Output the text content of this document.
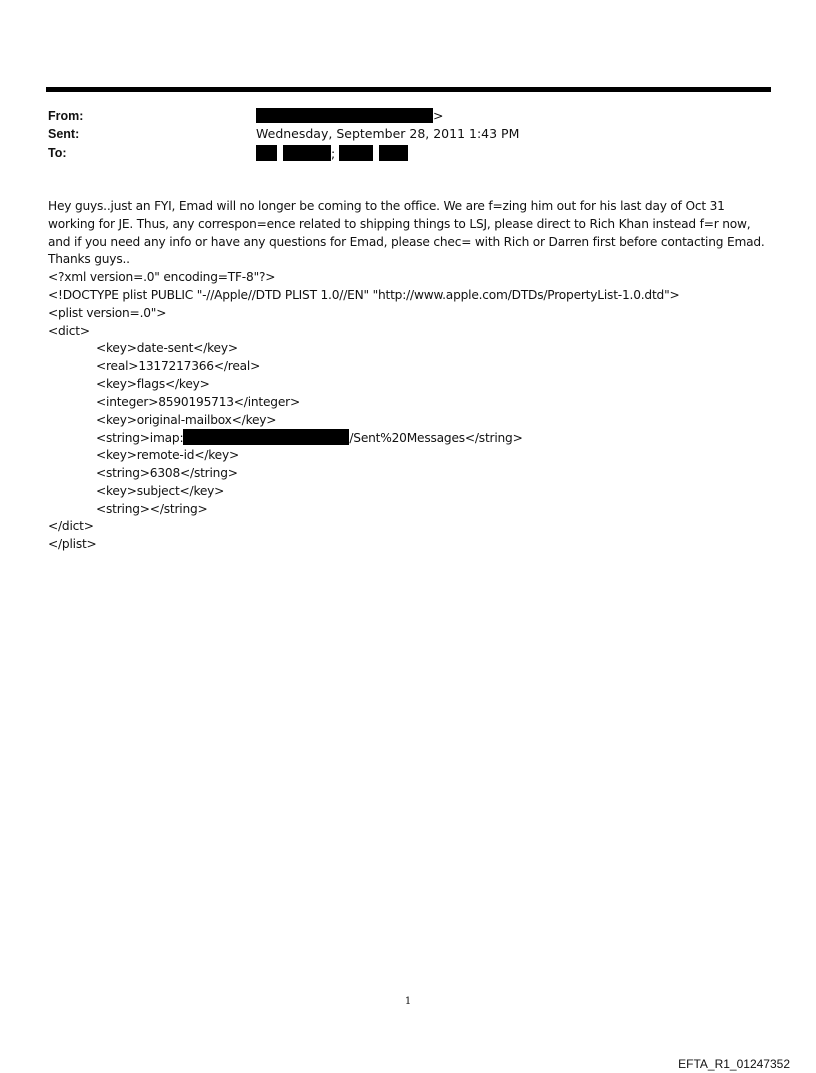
From:	>
Sent:	Wednesday, September 28, 2011 1:43 PM
To:	;
Hey guys..just an FYI, Emad will no longer be coming to the office. We are f=zing him out for his last day of Oct 31
working for JE. Thus, any correspon=ence related to shipping things to LSJ, please direct to Rich Khan instead f=r now,
and if you need any info or have any questions for Emad, please chec= with Rich or Darren first before contacting Emad.
Thanks guys..
<?xml version=.0" encoding=TF-8"?>
<!DOCTYPE plist PUBLIC "-//Apple//DTD PLIST 1.0//EN" "http://www.apple.com/DTDs/PropertyList-1.0.dtd">
<plist version=.0">
<dict>
<key>date-sent</key>
<real>1317217366</real>
<key>flags</key>
<integer>8590195713</integer>
<key>original-mailbox</key>
<string>imap:	/Sent%20Messages</string>
<key>remote-id</key>
<string>6308</string>
<key>subject</key>
<string></string>
</dict>
</plist>
1
EFTA_R1_01247352
